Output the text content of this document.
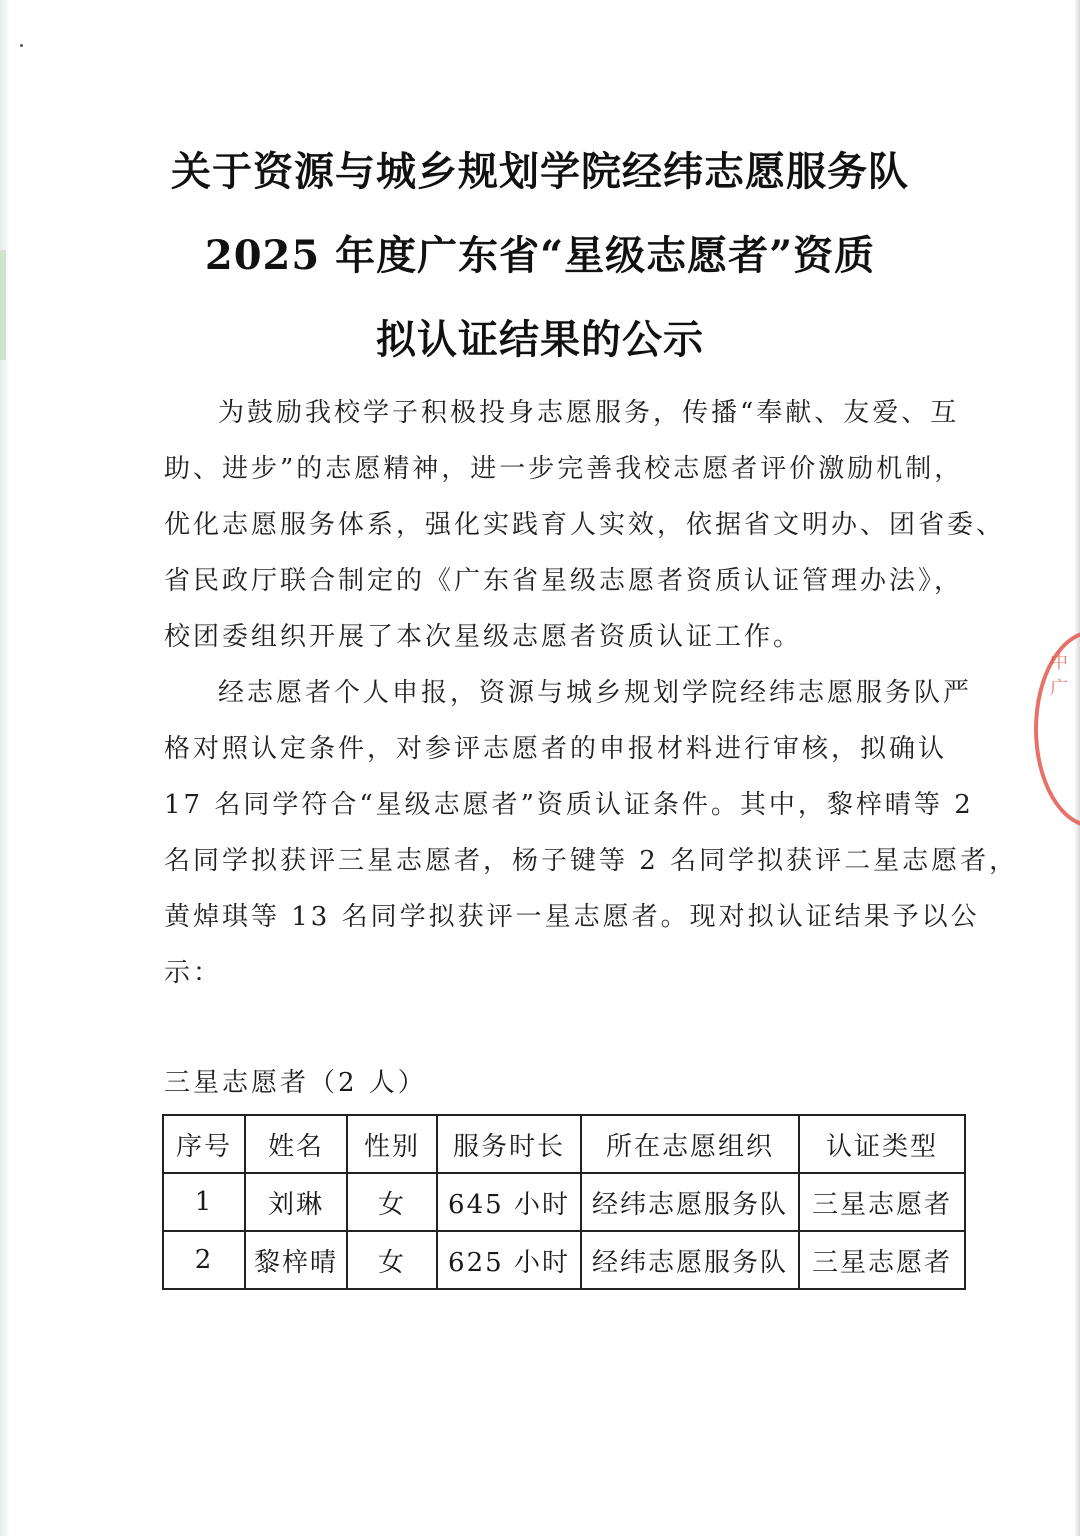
中 广
关于资源与城乡规划学院经纬志愿服务队
2025 年度广东省“星级志愿者”资质
拟认证结果的公示
为鼓励我校学子积极投身志愿服务，传播“奉献、友爱、互
助、进步”的志愿精神，进一步完善我校志愿者评价激励机制，
优化志愿服务体系，强化实践育人实效，依据省文明办、团省委、
省民政厅联合制定的《广东省星级志愿者资质认证管理办法》，
校团委组织开展了本次星级志愿者资质认证工作。
经志愿者个人申报，资源与城乡规划学院经纬志愿服务队严
格对照认定条件，对参评志愿者的申报材料进行审核，拟确认
17 名同学符合“星级志愿者”资质认证条件。其中，黎梓晴等 2
名同学拟获评三星志愿者，杨子键等 2 名同学拟获评二星志愿者，
黄焯琪等 13 名同学拟获评一星志愿者。现对拟认证结果予以公
示：
三星志愿者（2 人）
序号	姓名	性别	服务时长	所在志愿组织	认证类型
1	刘琳	女	645 小时	经纬志愿服务队	三星志愿者
2	黎梓晴	女	625 小时	经纬志愿服务队	三星志愿者
